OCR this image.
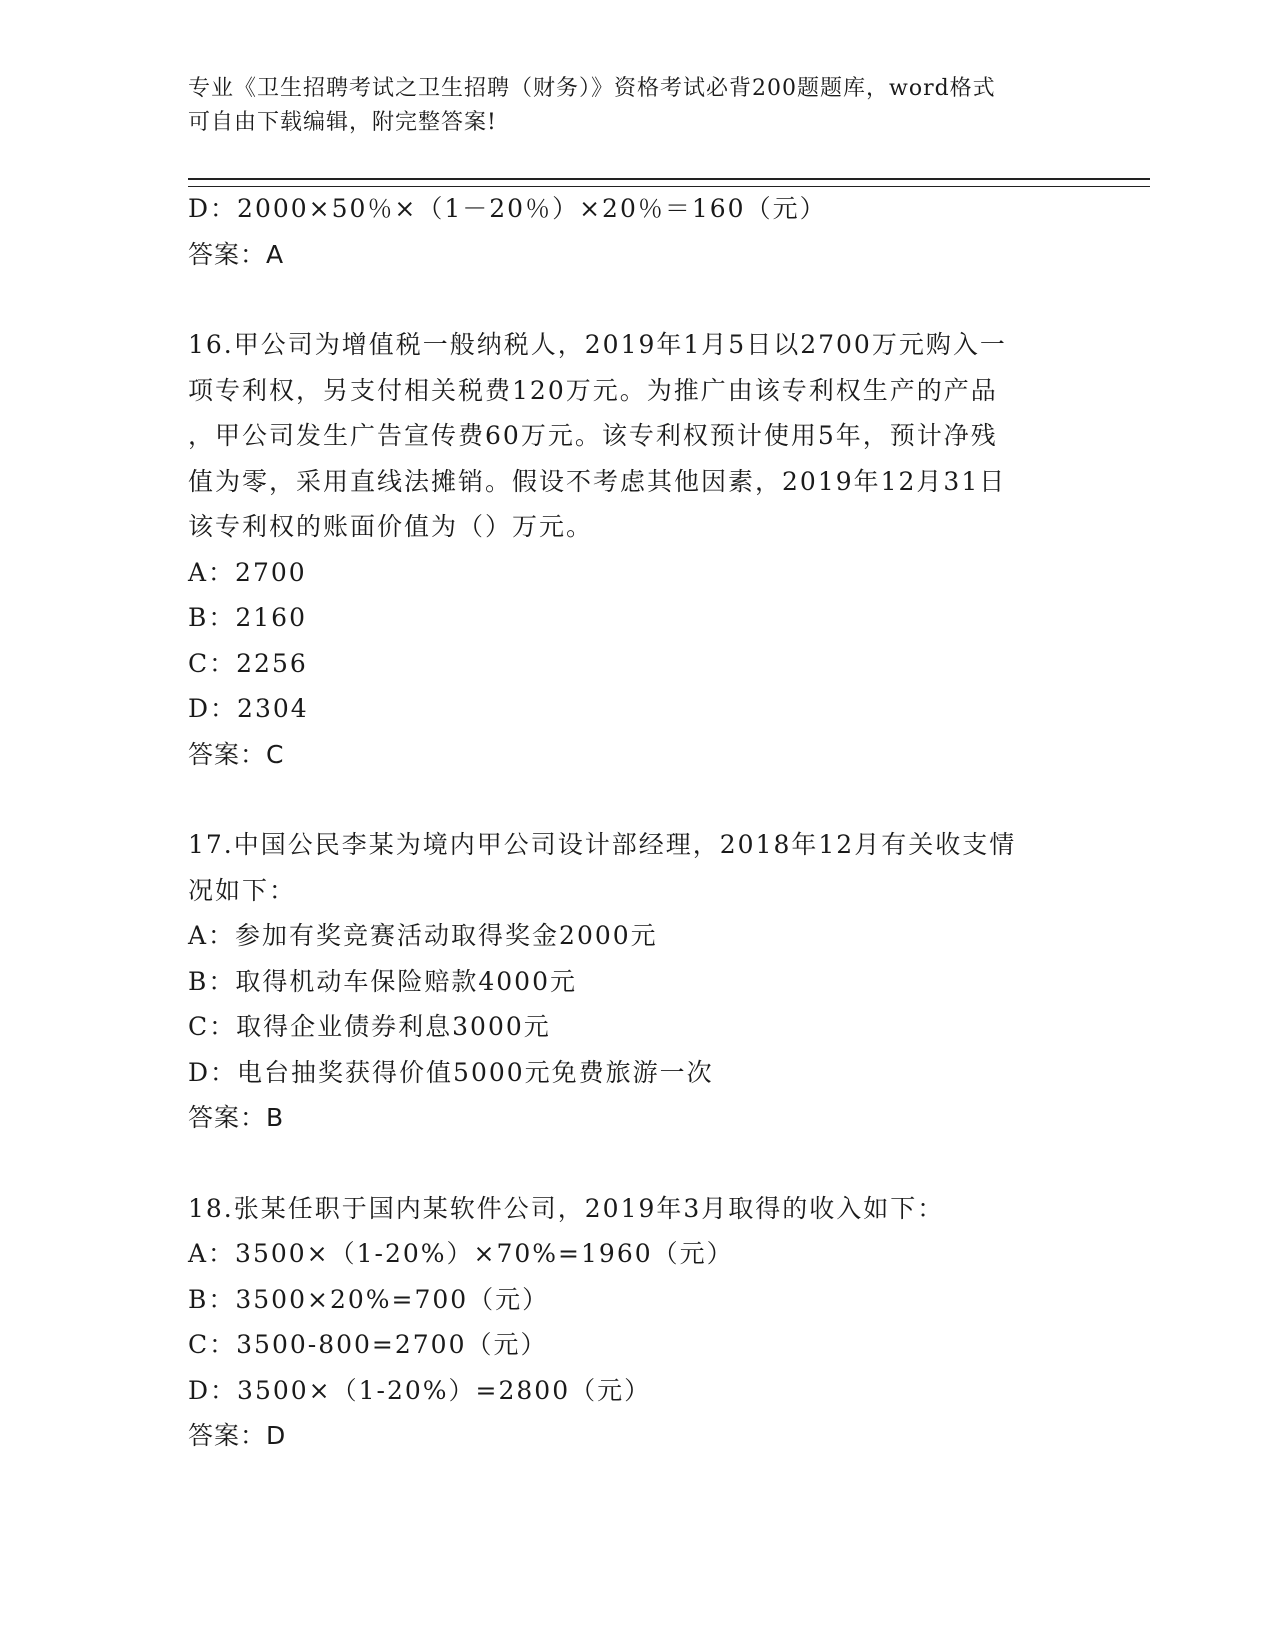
专业《卫生招聘考试之卫生招聘（财务）》资格考试必背200题题库，word格式
可自由下载编辑，附完整答案!
D：2000×50％×（1－20％）×20％＝160（元）
答案：A
16.甲公司为增值税一般纳税人，2019年1月5日以2700万元购入一
项专利权，另支付相关税费120万元。为推广由该专利权生产的产品
，甲公司发生广告宣传费60万元。该专利权预计使用5年，预计净残
值为零，采用直线法摊销。假设不考虑其他因素，2019年12月31日
该专利权的账面价值为（）万元。
A：2700
B：2160
C：2256
D：2304
答案：C
17.中国公民李某为境内甲公司设计部经理，2018年12月有关收支情
况如下：
A：参加有奖竞赛活动取得奖金2000元
B：取得机动车保险赔款4000元
C：取得企业债券利息3000元
D：电台抽奖获得价值5000元免费旅游一次
答案：B
18.张某任职于国内某软件公司，2019年3月取得的收入如下：
A：3500×（1-20%）×70%=1960（元）
B：3500×20%=700（元）
C：3500-800=2700（元）
D：3500×（1-20%）=2800（元）
答案：D
